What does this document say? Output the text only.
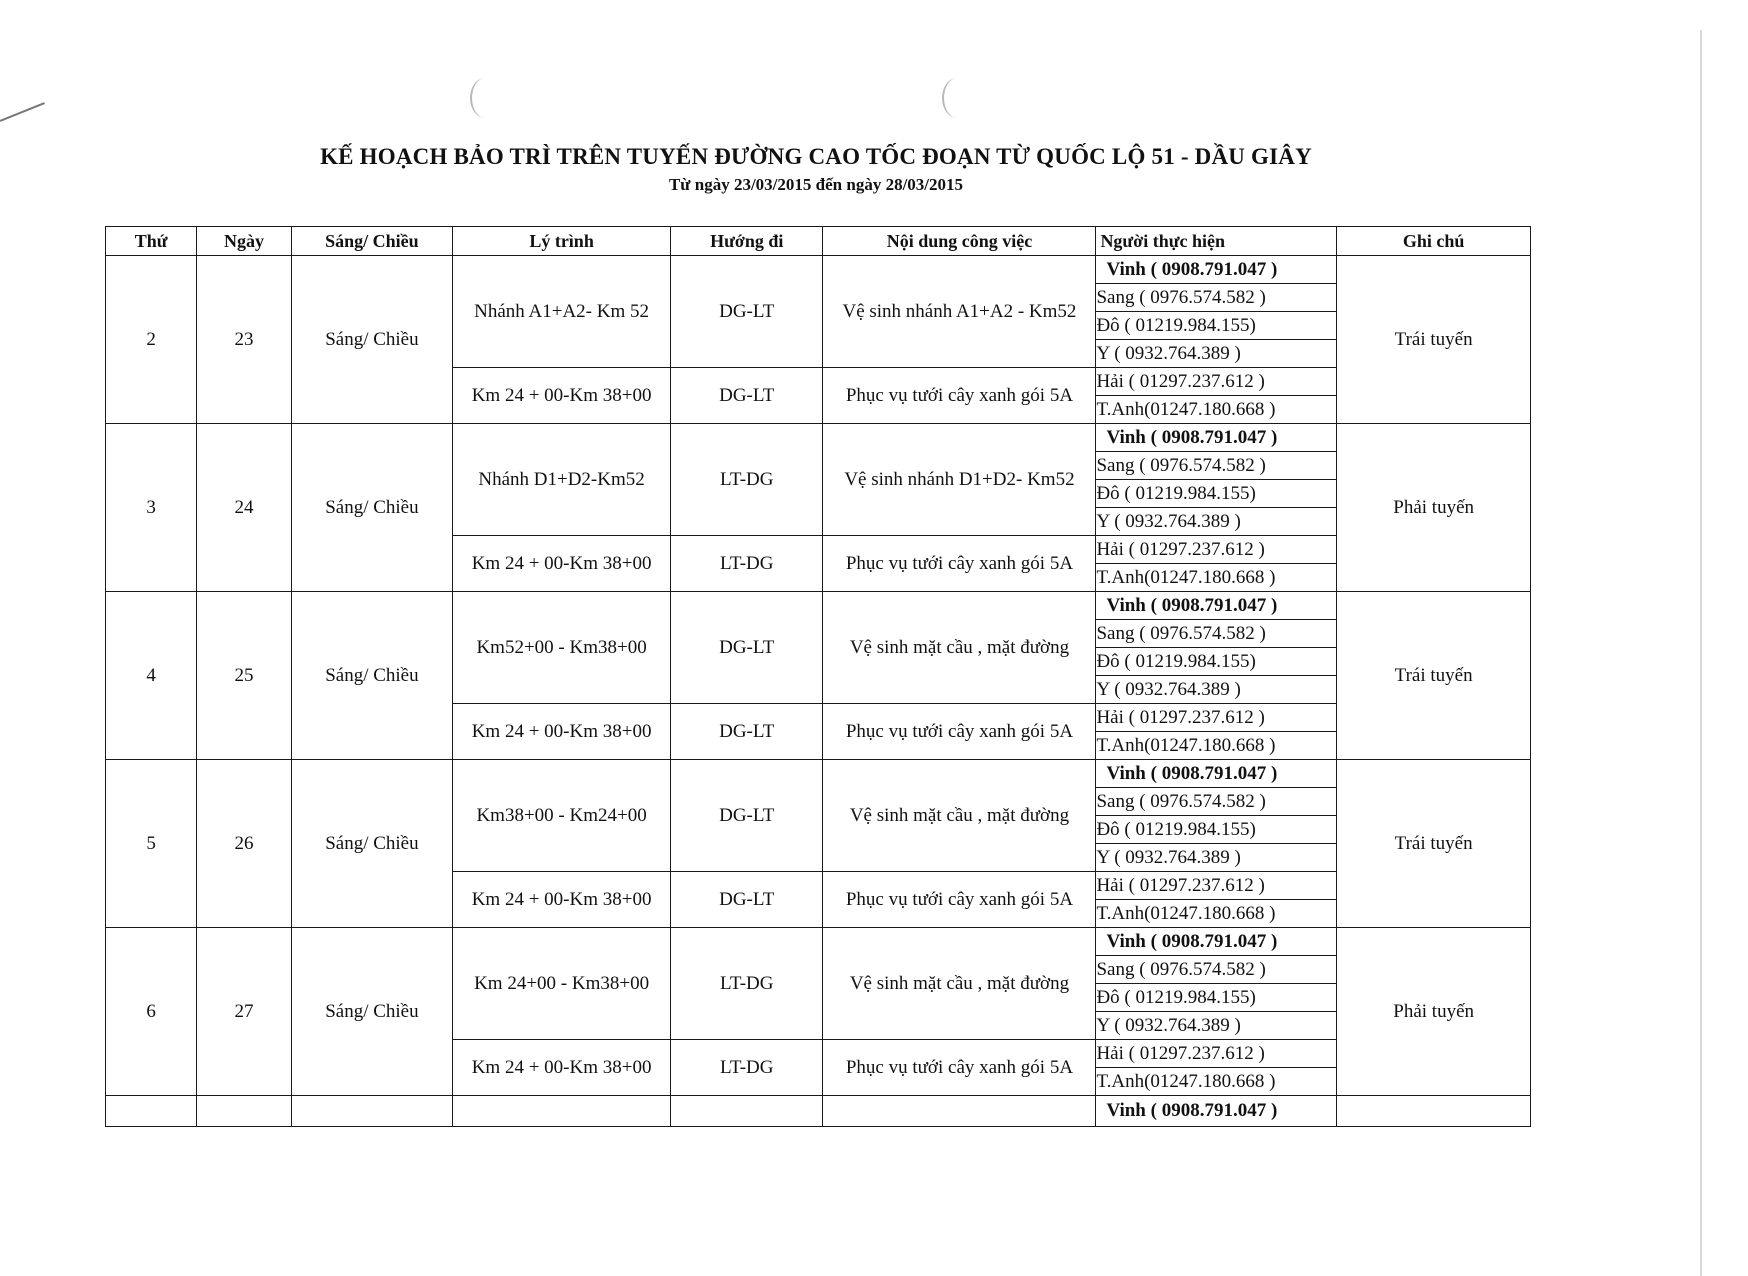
KẾ HOẠCH BẢO TRÌ TRÊN TUYẾN ĐƯỜNG CAO TỐC ĐOẠN TỪ QUỐC LỘ 51 - DẦU GIÂY
Từ ngày 23/03/2015 đến ngày 28/03/2015
Thứ	Ngày	Sáng/ Chiều	Lý trình	Hướng đi	Nội dung công việc	Người thực hiện	Ghi chú
2	23	Sáng/ Chiều	Nhánh A1+A2- Km 52	DG-LT	Vệ sinh nhánh A1+A2 - Km52	Vinh ( 0908.791.047 )	Trái tuyến
						Sang ( 0976.574.582 )	
						Đô ( 01219.984.155)	
						Y ( 0932.764.389 )	
			Km 24 + 00-Km 38+00	DG-LT	Phục vụ tưới cây xanh gói 5A	Hải ( 01297.237.612 )	
						T.Anh(01247.180.668 )	
3	24	Sáng/ Chiều	Nhánh D1+D2-Km52	LT-DG	Vệ sinh nhánh D1+D2- Km52	Vinh ( 0908.791.047 )	Phải tuyến
						Sang ( 0976.574.582 )	
						Đô ( 01219.984.155)	
						Y ( 0932.764.389 )	
			Km 24 + 00-Km 38+00	LT-DG	Phục vụ tưới cây xanh gói 5A	Hải ( 01297.237.612 )	
						T.Anh(01247.180.668 )	
4	25	Sáng/ Chiều	Km52+00 - Km38+00	DG-LT	Vệ sinh mặt cầu , mặt đường	Vinh ( 0908.791.047 )	Trái tuyến
						Sang ( 0976.574.582 )	
						Đô ( 01219.984.155)	
						Y ( 0932.764.389 )	
			Km 24 + 00-Km 38+00	DG-LT	Phục vụ tưới cây xanh gói 5A	Hải ( 01297.237.612 )	
						T.Anh(01247.180.668 )	
5	26	Sáng/ Chiều	Km38+00 - Km24+00	DG-LT	Vệ sinh mặt cầu , mặt đường	Vinh ( 0908.791.047 )	Trái tuyến
						Sang ( 0976.574.582 )	
						Đô ( 01219.984.155)	
						Y ( 0932.764.389 )	
			Km 24 + 00-Km 38+00	DG-LT	Phục vụ tưới cây xanh gói 5A	Hải ( 01297.237.612 )	
						T.Anh(01247.180.668 )	
6	27	Sáng/ Chiều	Km 24+00 - Km38+00	LT-DG	Vệ sinh mặt cầu , mặt đường	Vinh ( 0908.791.047 )	Phải tuyến
						Sang ( 0976.574.582 )	
						Đô ( 01219.984.155)	
						Y ( 0932.764.389 )	
			Km 24 + 00-Km 38+00	LT-DG	Phục vụ tưới cây xanh gói 5A	Hải ( 01297.237.612 )	
						T.Anh(01247.180.668 )	
						Vinh ( 0908.791.047 )	
